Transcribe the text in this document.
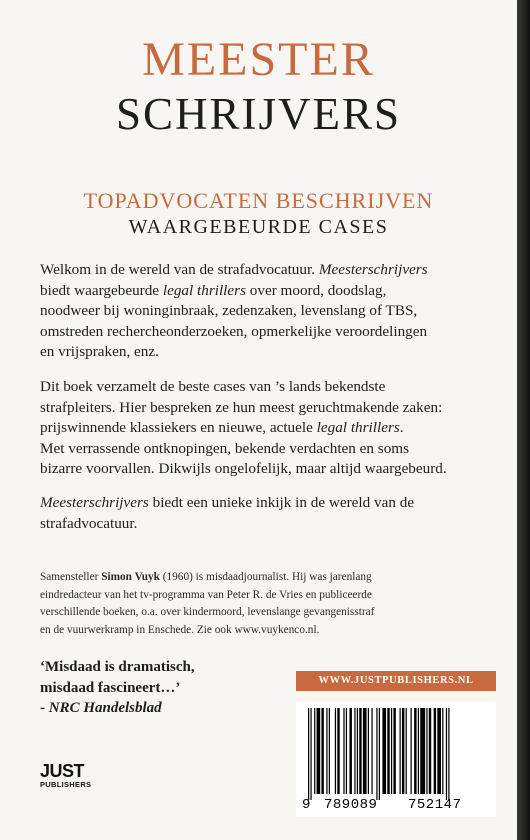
MEESTER
SCHRIJVERS
TOPADVOCATEN BESCHRIJVEN
WAARGEBEURDE CASES
Welkom in de wereld van de strafadvocatuur. Meesterschrijvers
biedt waargebeurde legal thrillers over moord, doodslag,
noodweer bij woninginbraak, zedenzaken, levenslang of TBS,
omstreden rechercheonderzoeken, opmerkelijke veroordelingen
en vrijspraken, enz.
Dit boek verzamelt de beste cases van ’s lands bekendste
strafpleiters. Hier bespreken ze hun meest geruchtmakende zaken:
prijswinnende klassiekers en nieuwe, actuele legal thrillers.
Met verrassende ontknopingen, bekende verdachten en soms
bizarre voorvallen. Dikwijls ongelofelijk, maar altijd waargebeurd.
Meesterschrijvers biedt een unieke inkijk in de wereld van de
strafadvocatuur.
Samensteller Simon Vuyk (1960) is misdaadjournalist. Hij was jarenlang
eindredacteur van het tv-programma van Peter R. de Vries en publiceerde
verschillende boeken, o.a. over kindermoord, levenslange gevangenisstraf
en de vuurwerkramp in Enschede. Zie ook www.vuykenco.nl.
‘Misdaad is dramatisch,
misdaad fascineert…’
- NRC Handelsblad
WWW.JUSTPUBLISHERS.NL
9 789089 752147
JUST
PUBLISHERS
